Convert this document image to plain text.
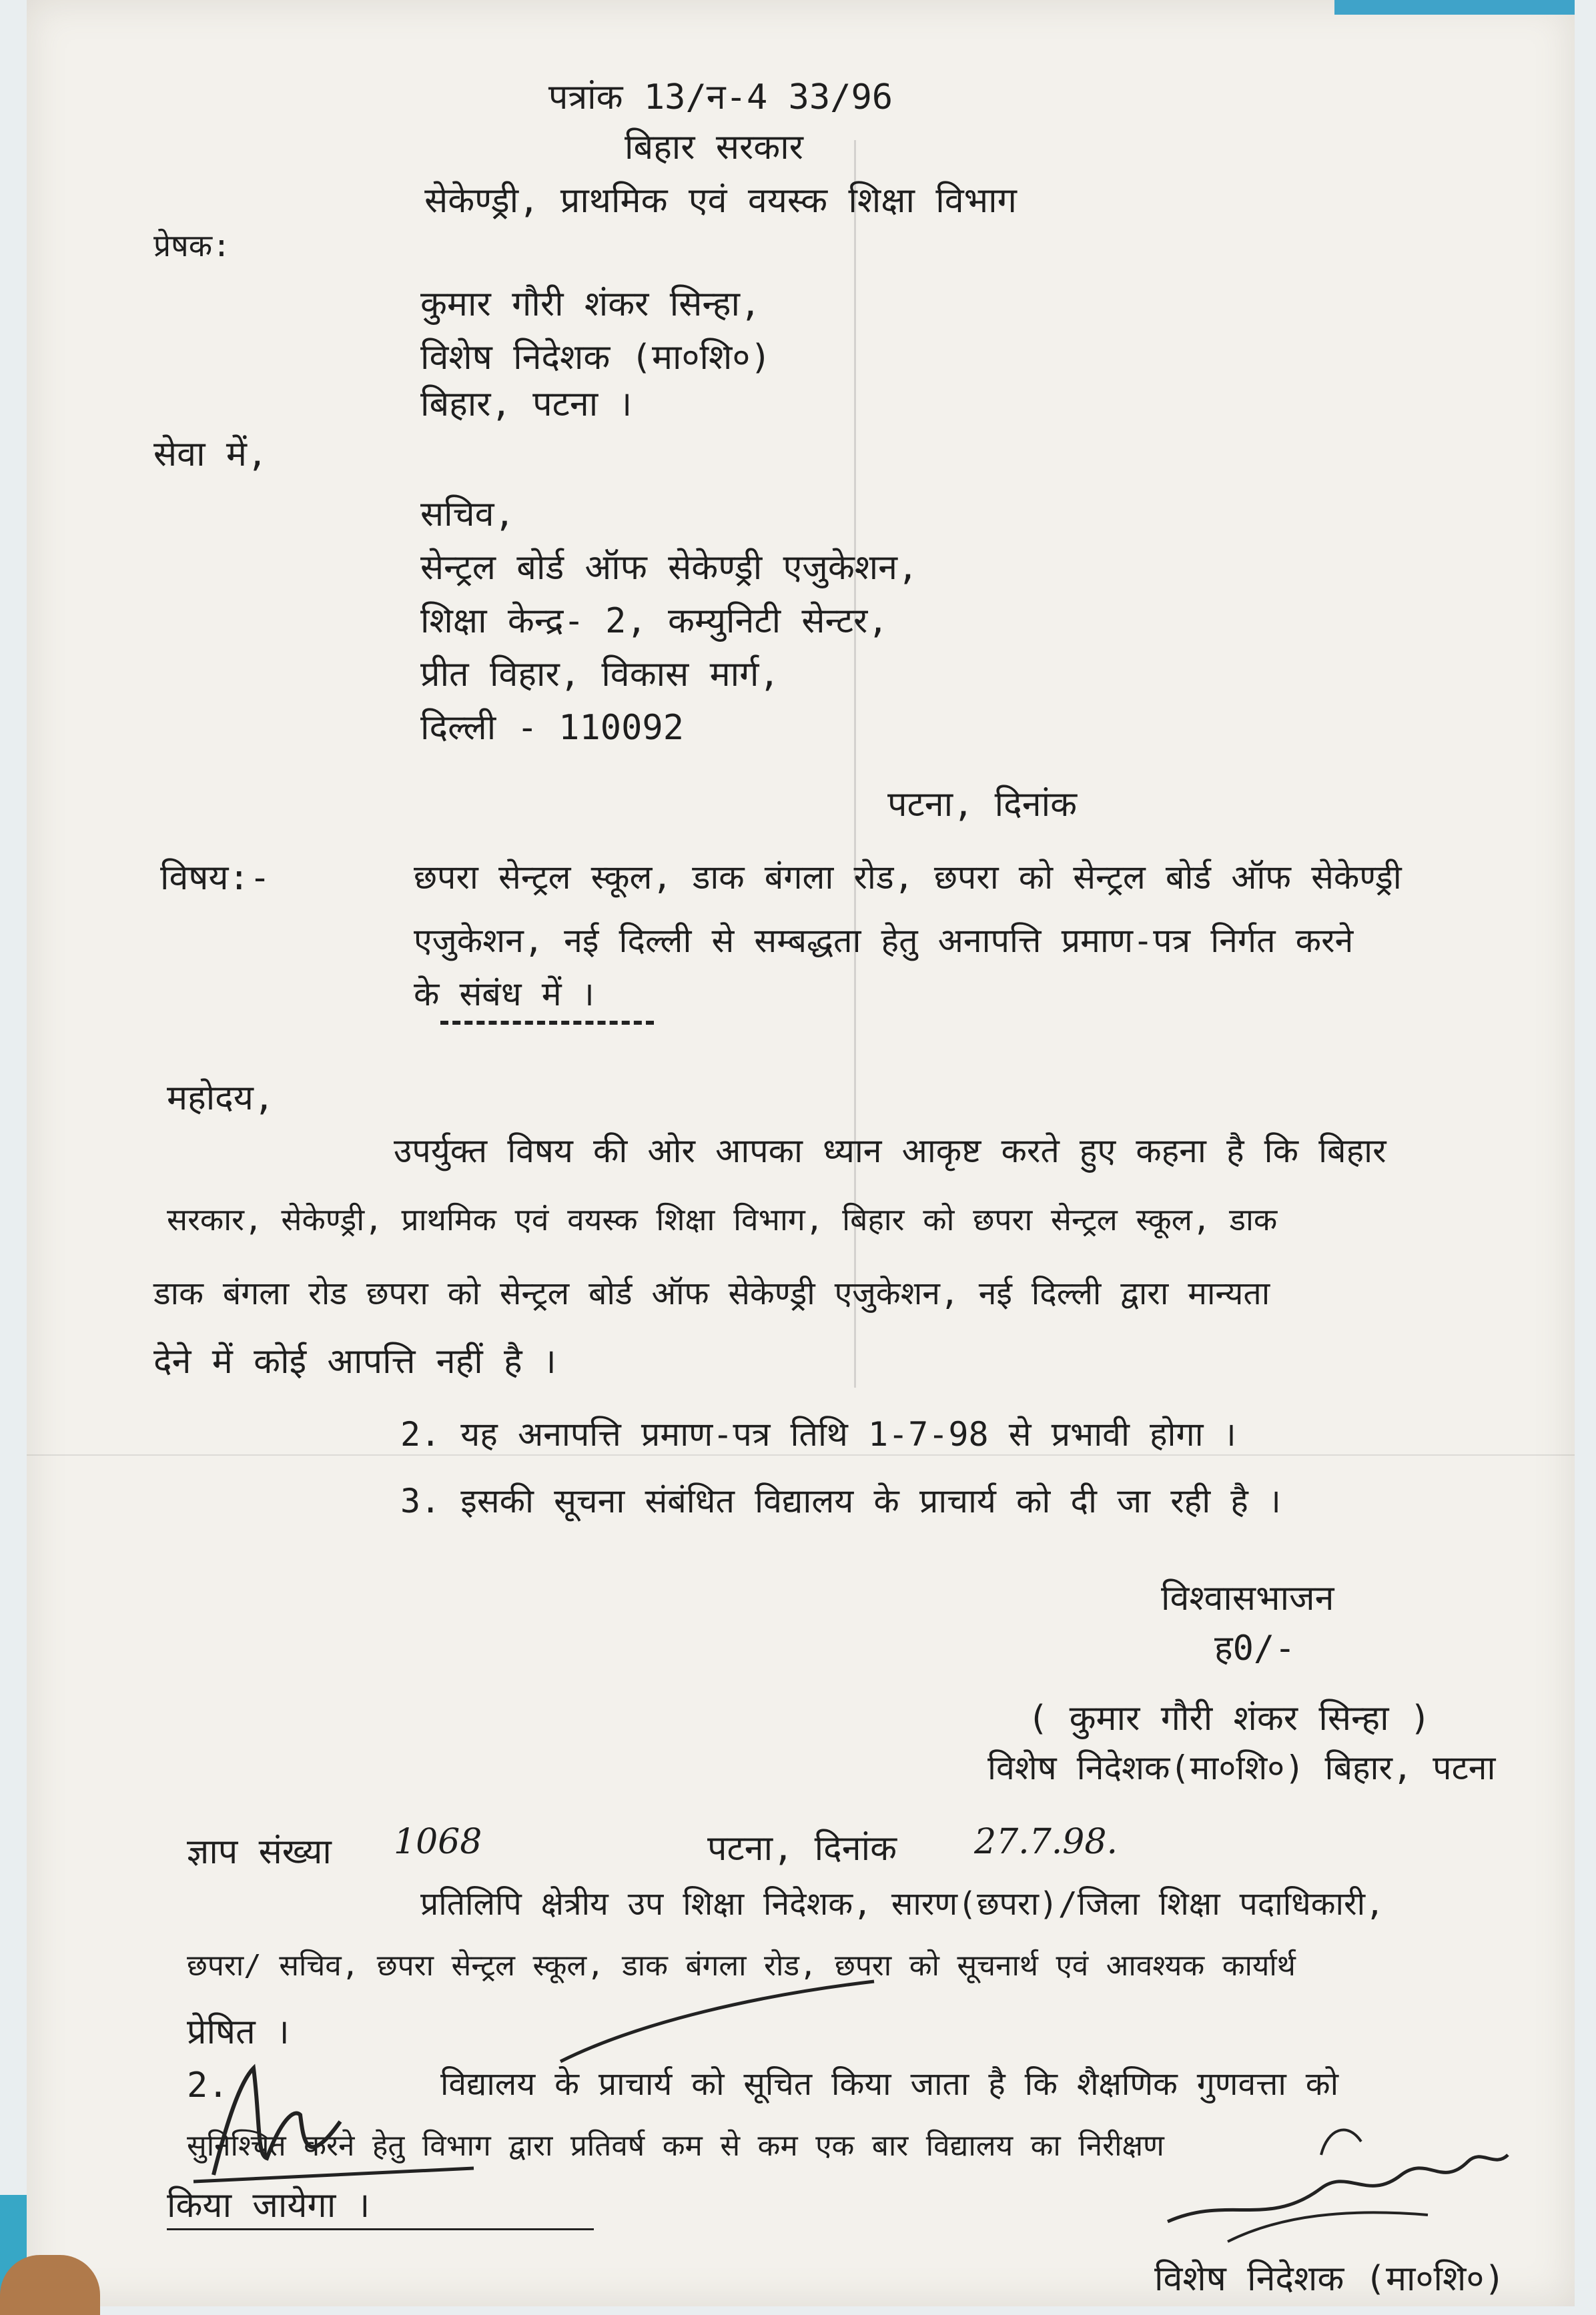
पत्रांक 13/न-4 33/96
बिहार सरकार
सेकेण्ड्री, प्राथमिक एवं वयस्क शिक्षा विभाग
प्रेषक:
कुमार गौरी शंकर सिन्हा,
विशेष निदेशक (मा०शि०)
बिहार, पटना ।
सेवा में,
सचिव,
सेन्ट्रल बोर्ड ऑफ सेकेण्ड्री एजुकेशन,
शिक्षा केन्द्र- 2, कम्युनिटी सेन्टर,
प्रीत विहार, विकास मार्ग,
दिल्ली - 110092
पटना, दिनांक
विषय:-	छपरा सेन्ट्रल स्कूल, डाक बंगला रोड, छपरा को सेन्ट्रल बोर्ड ऑफ सेकेण्ड्री
एजुकेशन, नई दिल्ली से सम्बद्धता हेतु अनापत्ति प्रमाण-पत्र निर्गत करने
के संबंध में ।
महोदय,
उपर्युक्त विषय की ओर आपका ध्यान आकृष्ट करते हुए कहना है कि बिहार
सरकार, सेकेण्ड्री, प्राथमिक एवं वयस्क शिक्षा विभाग, बिहार को छपरा सेन्ट्रल स्कूल, डाक
डाक बंगला रोड छपरा को सेन्ट्रल बोर्ड ऑफ सेकेण्ड्री एजुकेशन, नई दिल्ली द्वारा मान्यता
देने में कोई आपत्ति नहीं है ।
2. यह अनापत्ति प्रमाण-पत्र तिथि 1-7-98 से प्रभावी होगा ।
3. इसकी सूचना संबंधित विद्यालय के प्राचार्य को दी जा रही है ।
विश्वासभाजन
ह0/-
( कुमार गौरी शंकर सिन्हा )
विशेष निदेशक(मा०शि०) बिहार, पटना
ज्ञाप संख्या 1068	पटना, दिनांक 27.7.98.
प्रतिलिपि क्षेत्रीय उप शिक्षा निदेशक, सारण(छपरा)/जिला शिक्षा पदाधिकारी,
छपरा/ सचिव, छपरा सेन्ट्रल स्कूल, डाक बंगला रोड, छपरा को सूचनार्थ एवं आवश्यक कार्यार्थ
प्रेषित ।
2.	विद्यालय के प्राचार्य को सूचित किया जाता है कि शैक्षणिक गुणवत्ता को
सुनिश्चित करने हेतु विभाग द्वारा प्रतिवर्ष कम से कम एक बार विद्यालय का निरीक्षण
किया जायेगा ।
विशेष निदेशक (मा०शि०)
